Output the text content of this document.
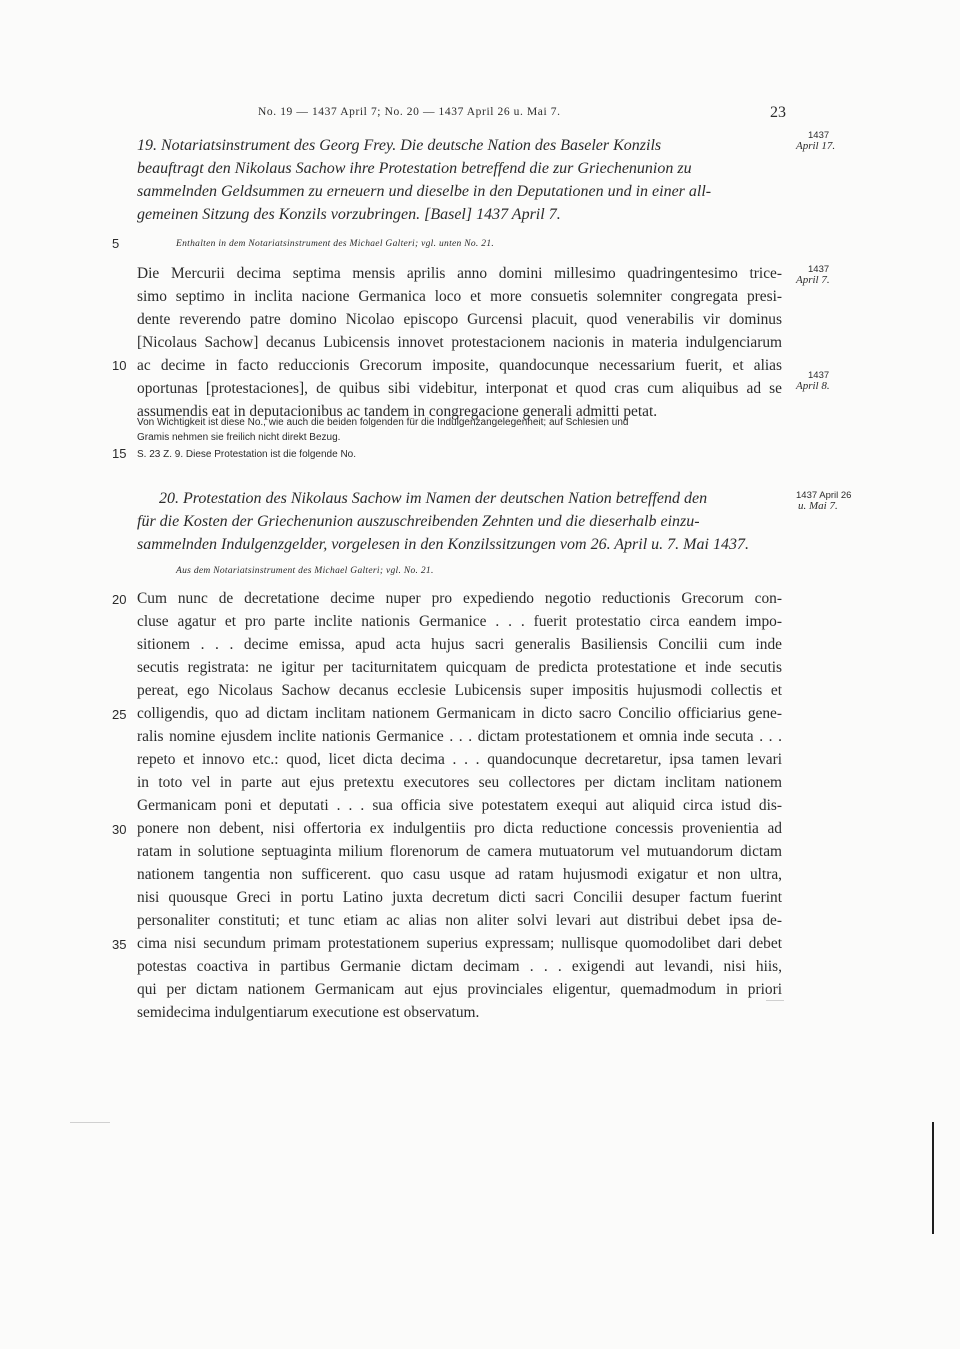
No. 19 — 1437 April 7; No. 20 — 1437 April 26 u. Mai 7.	23

19. Notariatsinstrument des Georg Frey. Die deutsche Nation des Baseler Konzils

beauftragt den Nikolaus Sachow ihre Protestation betreffend die zur Griechenunion zu

sammelnden Geldsummen zu erneuern und dieselbe in den Deputationen und in einer all-

gemeinen Sitzung des Konzils vorzubringen. [Basel] 1437 April 7.

1437
April 17.
5	Enthalten in dem Notariatsinstrument des Michael Galteri; vgl. unten No. 21.
Die Mercurii decima septima mensis aprilis anno domini millesimo quadringentesimo trice-
simo septimo in inclita nacione Germanica loco et more consuetis solemniter congregata presi-
dente reverendo patre domino Nicolao episcopo Gurcensi placuit, quod venerabilis vir dominus
[Nicolaus Sachow] decanus Lubicensis innovet protestacionem nacionis in materia indulgenciarum
ac decime in facto reduccionis Grecorum imposite, quandocunque necessarium fuerit, et alias
oportunas [protestaciones], de quibus sibi videbitur, interponat et quod cras cum aliquibus ad se
assumendis eat in deputacionibus ac tandem in congregacione generali admitti petat.
10
1437
April 7.
1437
April 8.
Von Wichtigkeit ist diese No., wie auch die beiden folgenden für die Indulgenzangelegenheit; auf Schlesien und
Gramis nehmen sie freilich nicht direkt Bezug.
S. 23 Z. 9. Diese Protestation ist die folgende No.
15

20. Protestation des Nikolaus Sachow im Namen der deutschen Nation betreffend den

für die Kosten der Griechenunion auszuschreibenden Zehnten und die dieserhalb einzu-

sammelnden Indulgenzgelder, vorgelesen in den Konzilssitzungen vom 26. April u. 7. Mai 1437.

1437 April 26
u. Mai 7.
Aus dem Notariatsinstrument des Michael Galteri; vgl. No. 21.
Cum nunc de decretatione decime nuper pro expediendo negotio reductionis Grecorum con-
cluse agatur et pro parte inclite nationis Germanice . . . fuerit protestatio circa eandem impo-
sitionem . . . decime emissa, apud acta hujus sacri generalis Basiliensis Concilii cum inde
secutis registrata: ne igitur per taciturnitatem quicquam de predicta protestatione et inde secutis
pereat, ego Nicolaus Sachow decanus ecclesie Lubicensis super impositis hujusmodi collectis et
colligendis, quo ad dictam inclitam nationem Germanicam in dicto sacro Concilio officiarius gene-
ralis nomine ejusdem inclite nationis Germanice . . . dictam protestationem et omnia inde secuta . . .
repeto et innovo etc.: quod, licet dicta decima . . . quandocunque decretaretur, ipsa tamen levari
in toto vel in parte aut ejus pretextu executores seu collectores per dictam inclitam nationem
Germanicam poni et deputati . . . sua officia sive potestatem exequi aut aliquid circa istud dis-
ponere non debent, nisi offertoria ex indulgentiis pro dicta reductione concessis provenientia ad
ratam in solutione septuaginta milium florenorum de camera mutuatorum vel mutuandorum dictam
nationem tangentia non sufficerent. quo casu usque ad ratam hujusmodi exigatur et non ultra,
nisi quousque Greci in portu Latino juxta decretum dicti sacri Concilii desuper factum fuerint
personaliter constituti; et tunc etiam ac alias non aliter solvi levari aut distribui debet ipsa de-
cima nisi secundum primam protestationem superius expressam; nullisque quomodolibet dari debet
potestas coactiva in partibus Germanie dictam decimam . . . exigendi aut levandi, nisi hiis,
qui per dictam nationem Germanicam aut ejus provinciales eligentur, quemadmodum in priori
semidecima indulgentiarum executione est observatum.
20
25
30
35
